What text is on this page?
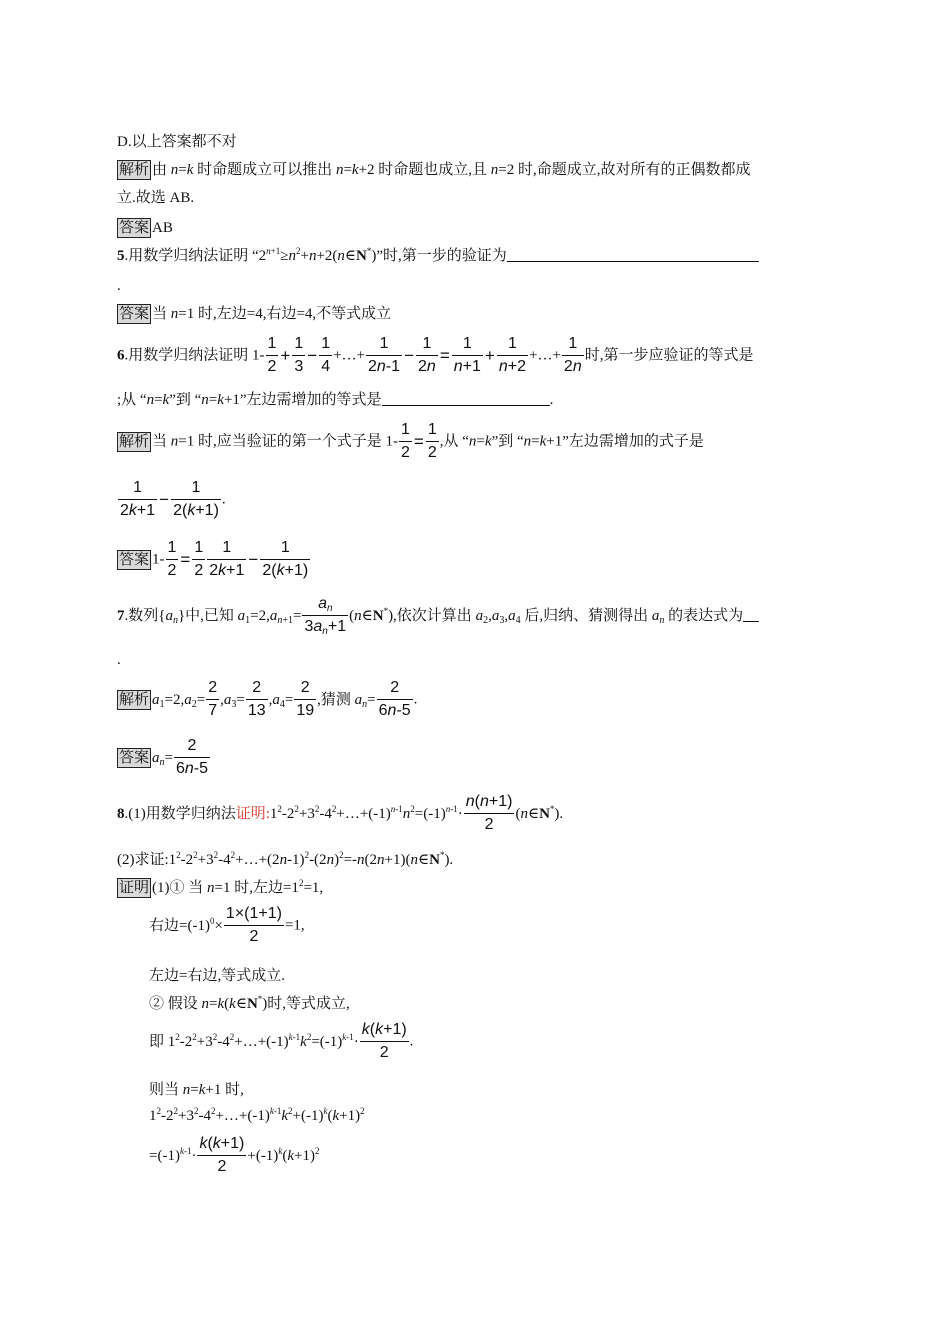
D.以上答案都不对
解析 由 n=k 时命题成立可以推出 n=k+2 时命题也成立,且 n=2 时,命题成立,故对所有的正偶数都成
立.故选 AB.
答案 AB
5.用数学归纳法证明 “$2^{n+1}\ge n^2+n+2(n\in N^*)$”时,第一步的验证为
.
答案 当 n=1 时,左边=4,右边=4,不等式成立
6.用数学归纳法证明 $1- \frac{1}{2} + \frac{1}{3} - \frac{1}{4}$ +…+ $\frac{1}{2n-1} - \frac{1}{2n} = \frac{1}{n+1} + \frac{1}{n+2}$ +…+ $\frac{1}{2n}$ 时,第一步应验证的等式是
;从 “n=k”到 “n=k+1”左边需增加的等式是	.
解析 当 n=1 时,应当验证的第一个式子是 $1- \frac{1}{2} = \frac{1}{2}$ ,从 “n=k”到 “n=k+1”左边需增加的式子是
$\frac{1}{2k+1} - \frac{1}{2(k+1)}$ .
答案 $1- \frac{1}{2} = \frac{1}{2} \frac{1}{2k+1} - \frac{1}{2(k+1)}$
7.数列$\{a_n\}$中,已知 $a_1=2,a_{n+1}= \frac{a_n}{3a_n+1}$ (n∈N*),依次计算出 $a_2,a_3,a_4$ 后,归纳、猜测得出 $a_n$ 的表达式为
.
解析 $a_1=2,a_2= \frac{2}{7} ,a_3= \frac{2}{13} ,a_4= \frac{2}{19}$ ,猜测 $a_n= \frac{2}{6n-5}$ .
答案 $a_n= \frac{2}{6n-5}$
8.(1)用数学归纳法证明$:1^2-2^2+3^2-4^2+\dots+(-1)^{n-1}n^2=(-1)^{n-1}\cdot \frac{n(n+1)}{2}$ (n∈N*).
(2)求证$:1^2-2^2+3^2-4^2+\dots+(2n-1)^2-(2n)^2=-n(2n+1)(n\in N^*)$.
证明 (1)① 当 n=1 时,左边$=1^2=1$,
右边$=(-1)^0\times \frac{1\times(1+1)}{2} =1$,
左边=右边,等式成立.
② 假设 n=k(k∈N*)时,等式成立,
即 $1^2-2^2+3^2-4^2+\dots+(-1)^{k-1}k^2=(-1)^{k-1}\cdot \frac{k(k+1)}{2}$ .
则当 n=k+1 时,
$1^2-2^2+3^2-4^2+\dots+(-1)^{k-1}k^2+(-1)^k(k+1)^2$
$=(-1)^{k-1}\cdot \frac{k(k+1)}{2} +(-1)^k(k+1)^2$
